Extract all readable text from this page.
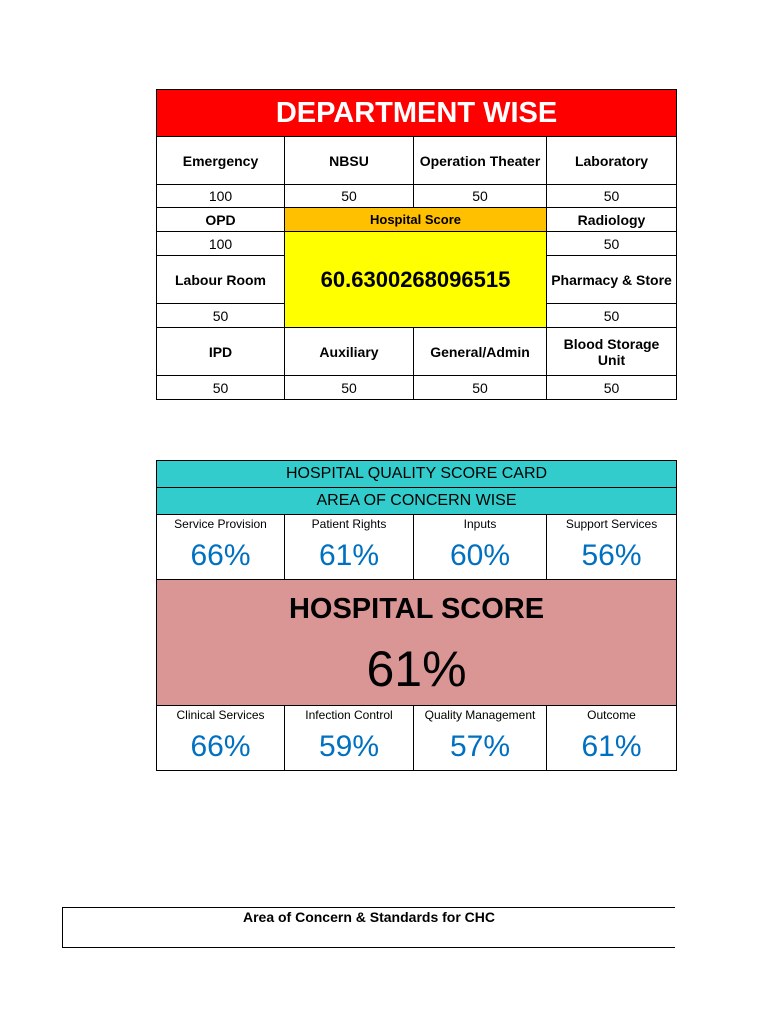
DEPARTMENT WISE			
Emergency	NBSU	Operation Theater	Laboratory
100	50	50	50
OPD	Hospital Score		Radiology
100	60.6300268096515		50
Labour Room			Pharmacy & Store
50			50
IPD	Auxiliary	General/Admin	Blood Storage Unit
50	50	50	50
HOSPITAL QUALITY SCORE CARD			
AREA OF CONCERN WISE			
Service Provision	Patient Rights	Inputs	Support Services
66%	61%	60%	56%

HOSPITAL SCORE
61%			

Clinical Services	Infection Control	Quality Management	Outcome
66%	59%	57%	61%
Area of Concern & Standards for CHC
